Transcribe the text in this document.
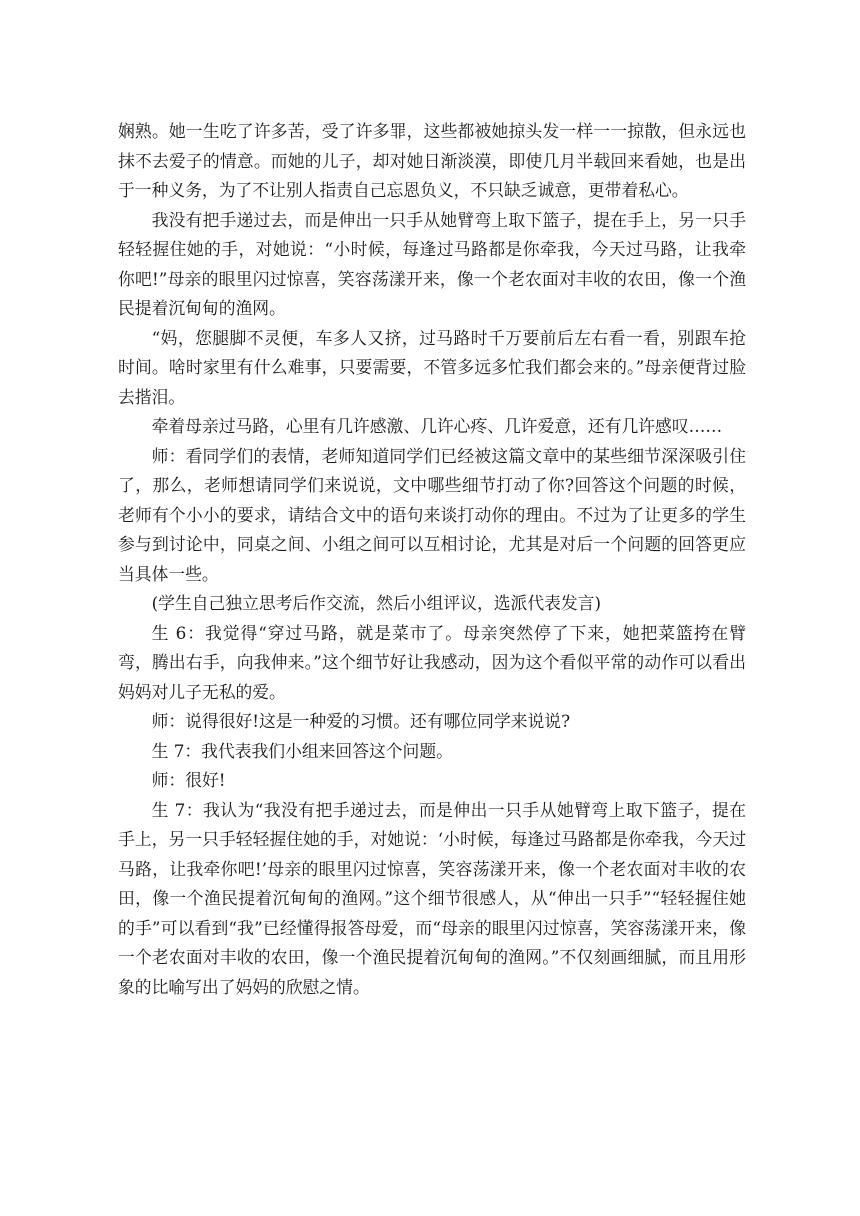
娴熟。她一生吃了许多苦，受了许多罪，这些都被她掠头发一样一一掠散，但永远也抹不去爱子的情意。而她的儿子，却对她日渐淡漠，即使几月半载回来看她，也是出于一种义务，为了不让别人指责自己忘恩负义，不只缺乏诚意，更带着私心。

我没有把手递过去，而是伸出一只手从她臂弯上取下篮子，提在手上，另一只手轻轻握住她的手，对她说：“小时候，每逢过马路都是你牵我，今天过马路，让我牵你吧!”母亲的眼里闪过惊喜，笑容荡漾开来，像一个老农面对丰收的农田，像一个渔民提着沉甸甸的渔网。

“妈，您腿脚不灵便，车多人又挤，过马路时千万要前后左右看一看，别跟车抢时间。啥时家里有什么难事，只要需要，不管多远多忙我们都会来的。”母亲便背过脸去揩泪。

牵着母亲过马路，心里有几许感激、几许心疼、几许爱意，还有几许感叹……

师：看同学们的表情，老师知道同学们已经被这篇文章中的某些细节深深吸引住了，那么，老师想请同学们来说说，文中哪些细节打动了你?回答这个问题的时候，老师有个小小的要求，请结合文中的语句来谈打动你的理由。不过为了让更多的学生参与到讨论中，同桌之间、小组之间可以互相讨论，尤其是对后一个问题的回答更应当具体一些。

(学生自己独立思考后作交流，然后小组评议，选派代表发言)

生 6：我觉得“穿过马路，就是菜市了。母亲突然停了下来，她把菜篮挎在臂弯，腾出右手，向我伸来。”这个细节好让我感动，因为这个看似平常的动作可以看出妈妈对儿子无私的爱。

师：说得很好!这是一种爱的习惯。还有哪位同学来说说?

生 7：我代表我们小组来回答这个问题。

师：很好!

生 7：我认为“我没有把手递过去，而是伸出一只手从她臂弯上取下篮子，提在手上，另一只手轻轻握住她的手，对她说：‘小时候，每逢过马路都是你牵我，今天过马路，让我牵你吧!’母亲的眼里闪过惊喜，笑容荡漾开来，像一个老农面对丰收的农田，像一个渔民提着沉甸甸的渔网。”这个细节很感人，从“伸出一只手”“轻轻握住她的手”可以看到“我”已经懂得报答母爱，而“母亲的眼里闪过惊喜，笑容荡漾开来，像一个老农面对丰收的农田，像一个渔民提着沉甸甸的渔网。”不仅刻画细腻，而且用形象的比喻写出了妈妈的欣慰之情。
